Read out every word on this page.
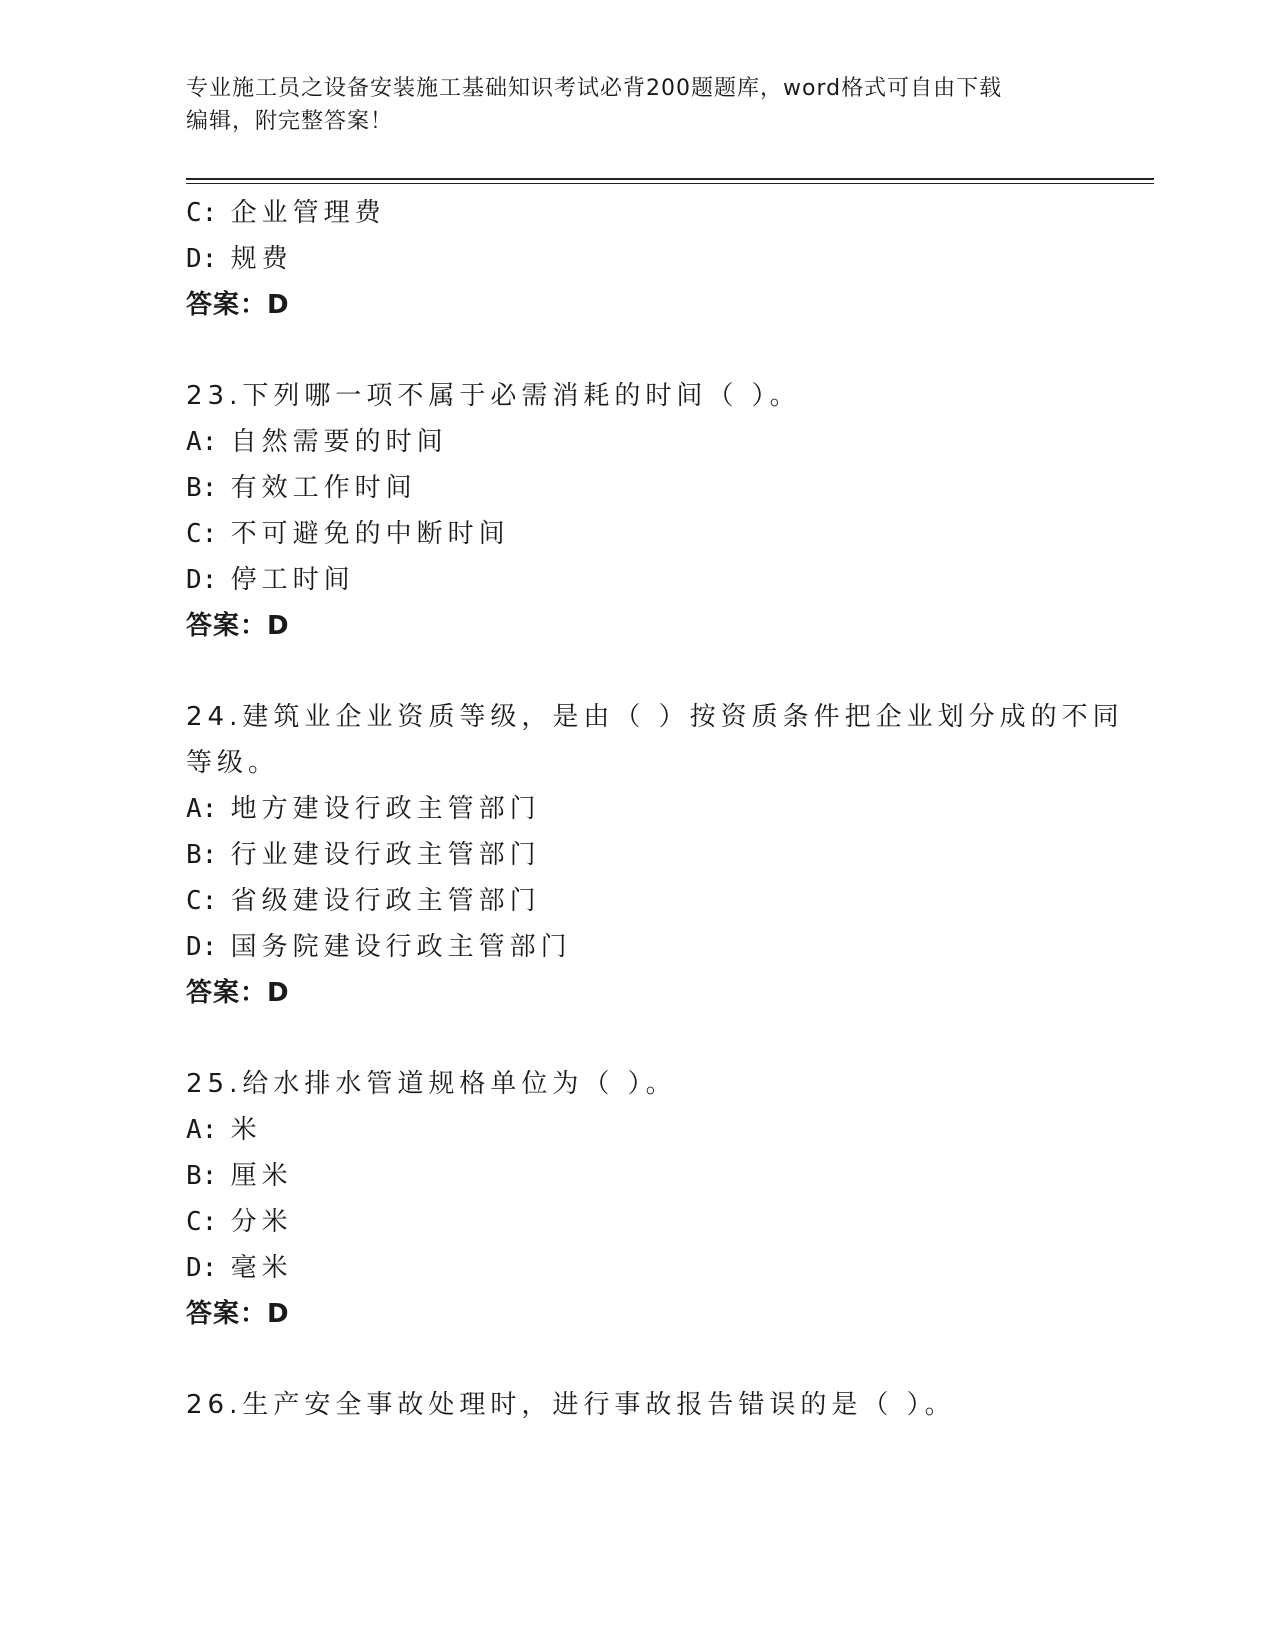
专业施工员之设备安装施工基础知识考试必背200题题库，word格式可自由下载
编辑，附完整答案！
C: 企业管理费
D: 规费
答案：D
23.下列哪一项不属于必需消耗的时间（ ）。
A: 自然需要的时间
B: 有效工作时间
C: 不可避免的中断时间
D: 停工时间
答案：D
24.建筑业企业资质等级，是由（ ）按资质条件把企业划分成的不同
等级。
A: 地方建设行政主管部门
B: 行业建设行政主管部门
C: 省级建设行政主管部门
D: 国务院建设行政主管部门
答案：D
25.给水排水管道规格单位为（ ）。
A: 米
B: 厘米
C: 分米
D: 毫米
答案：D
26.生产安全事故处理时，进行事故报告错误的是（ ）。
